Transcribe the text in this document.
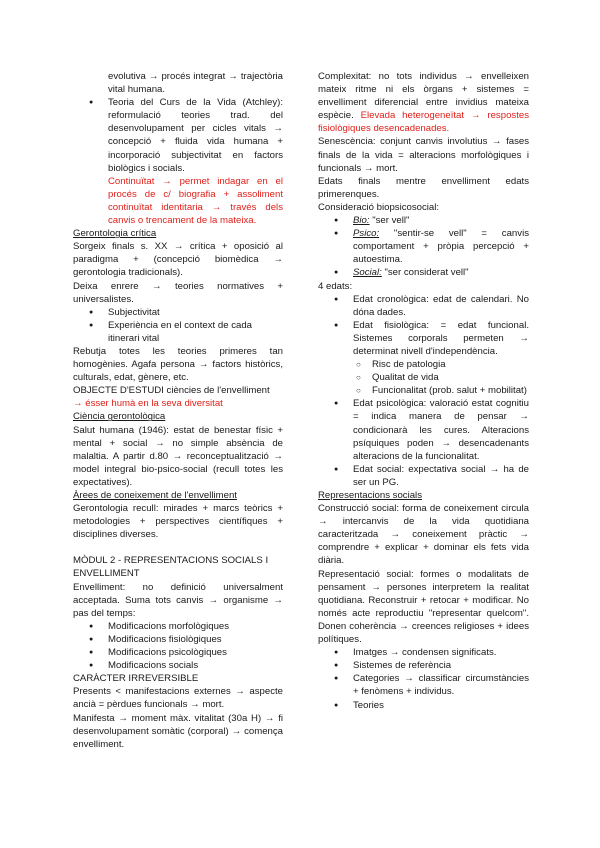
evolutiva → procés integrat → trajectòria vital humana.

● Teoria del Curs de la Vida (Atchley): reformulació teories trad. del desenvolupament per cicles vitals → concepció + fluida vida humana + incorporació subjectivitat en factors biològics i socials.

Continuïtat → permet indagar en el procés de c/ biografia + assoliment continuïtat identitaria → través dels canvis o trencament de la mateixa.

Gerontologia crítica

Sorgeix finals s. XX → crítica + oposició al paradigma + (concepció biomèdica → gerontologia tradicionals).

Deixa enrere → teories normatives + universalistes.

● Subjectivitat

● Experiència en el context de cada itinerari vital

Rebutja totes les teories primeres tan homogènies. Agafa persona → factors històrics, culturals, edat, gènere, etc.

OBJECTE D'ESTUDI ciències de l'envelliment

→ ésser humà en la seva diversitat

Ciència gerontològica

Salut humana (1946): estat de benestar físic + mental + social → no simple absència de malaltia. A partir d.80 → reconceptualització → model integral bio-psico-social (recull totes les expectatives).

Àrees de coneixement de l'envelliment

Gerontologia recull: mirades + marcs teòrics + metodologies + perspectives científiques + disciplines diverses.

MÒDUL 2 - REPRESENTACIONS SOCIALS I ENVELLIMENT

Envelliment: no definició universalment acceptada. Suma tots canvis → organisme → pas del temps:

● Modificacions morfològiques

● Modificacions fisiològiques

● Modificacions psicològiques

● Modificacions socials

CARÀCTER IRREVERSIBLE

Presents < manifestacions externes → aspecte ancià = pèrdues funcionals → mort.

Manifesta → moment màx. vitalitat (30a H) → fi desenvolupament somàtic (corporal) → comença envelliment.

Complexitat: no tots individus → envelleixen mateix ritme ni els òrgans + sistemes = envelliment diferencial entre invidius mateixa espècie. Elevada heterogeneïtat → respostes fisiològiques desencadenades.

Senescència: conjunt canvis involutius → fases finals de la vida = alteracions morfològiques i funcionals → mort.

Edats finals mentre envelliment edats primerenques.

Consideració biopsicosocial:

● Bio: "ser vell"

● Psico: "sentir-se vell" = canvis comportament + pròpia percepció + autoestima.

● Social: "ser considerat vell"

4 edats:

● Edat cronològica: edat de calendari. No dóna dades.

● Edat fisiològica: = edat funcional. Sistemes corporals permeten → determinat nivell d'independència.

○ Risc de patologia

○ Qualitat de vida

○ Funcionalitat (prob. salut + mobilitat)

● Edat psicològica: valoració estat cognitiu = indica manera de pensar → condicionarà les cures. Alteracions psíquiques poden → desencadenants alteracions de la funcionalitat.

● Edat social: expectativa social → ha de ser un PG.

Representacions socials

Construcció social: forma de coneixement circula → intercanvis de la vida quotidiana caracteritzada → coneixement pràctic → comprendre + explicar + dominar els fets vida diària.

Representació social: formes o modalitats de pensament → persones interpretem la realitat quotidiana. Reconstruir + retocar + modificar. No només acte reproductiu "representar quelcom". Donen coherència → creences religioses + idees polítiques.

● Imatges → condensen significats.

● Sistemes de referència

● Categories → classificar circumstàncies + fenòmens + individus.

● Teories
